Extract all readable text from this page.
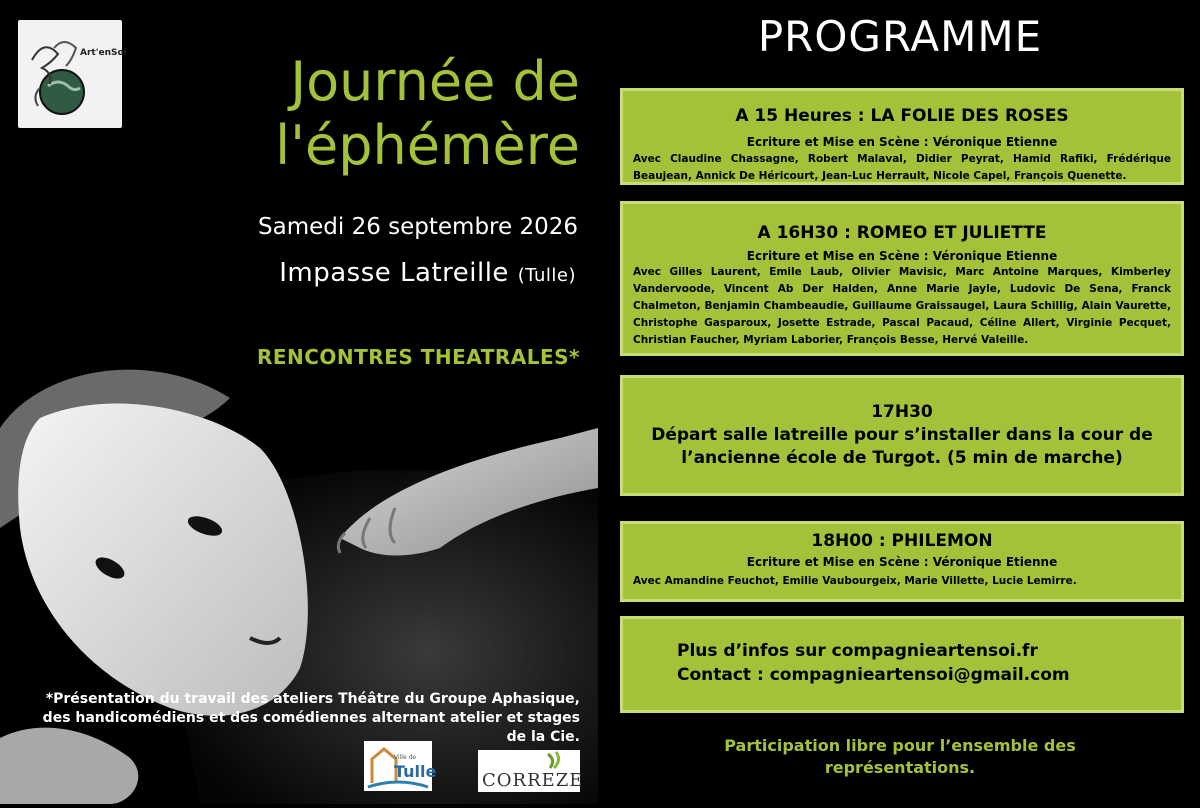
Art'enSoi	Journée de
l'éphémère
Samedi 26 septembre 2026
Impasse Latreille (Tulle)
RENCONTRES THEATRALES*
*Présentation du travail des ateliers Théâtre du Groupe Aphasique,
des handicomédiens et des comédiennes alternant atelier et stages
de la Cie.
Ville de
Tulle	CORREZE
PROGRAMME
A 15 Heures : LA FOLIE DES ROSES
Ecriture et Mise en Scène : Véronique Etienne
Avec Claudine Chassagne, Robert Malaval, Didier Peyrat, Hamid Rafiki, Frédérique Beaujean, Annick De Héricourt, Jean-Luc Herrault, Nicole Capel, François Quenette.
A 16H30 : ROMEO ET JULIETTE
Ecriture et Mise en Scène : Véronique Etienne
Avec Gilles Laurent, Emile Laub, Olivier Mavisic, Marc Antoine Marques, Kimberley Vandervoode, Vincent Ab Der Halden, Anne Marie Jayle, Ludovic De Sena, Franck Chalmeton, Benjamin Chambeaudie, Guillaume Graissaugel, Laura Schillig, Alain Vaurette, Christophe Gasparoux, Josette Estrade, Pascal Pacaud, Céline Allert, Virginie Pecquet, Christian Faucher, Myriam Laborier, François Besse, Hervé Valeille.
17H30
Départ salle latreille pour s’installer dans la cour de
l’ancienne école de Turgot. (5 min de marche)
18H00 : PHILEMON
Ecriture et Mise en Scène : Véronique Etienne
Avec Amandine Feuchot, Emilie Vaubourgeix, Marie Villette, Lucie Lemirre.
Plus d’infos sur compagnieartensoi.fr
Contact : compagnieartensoi@gmail.com
Participation libre pour l’ensemble des
représentations.
